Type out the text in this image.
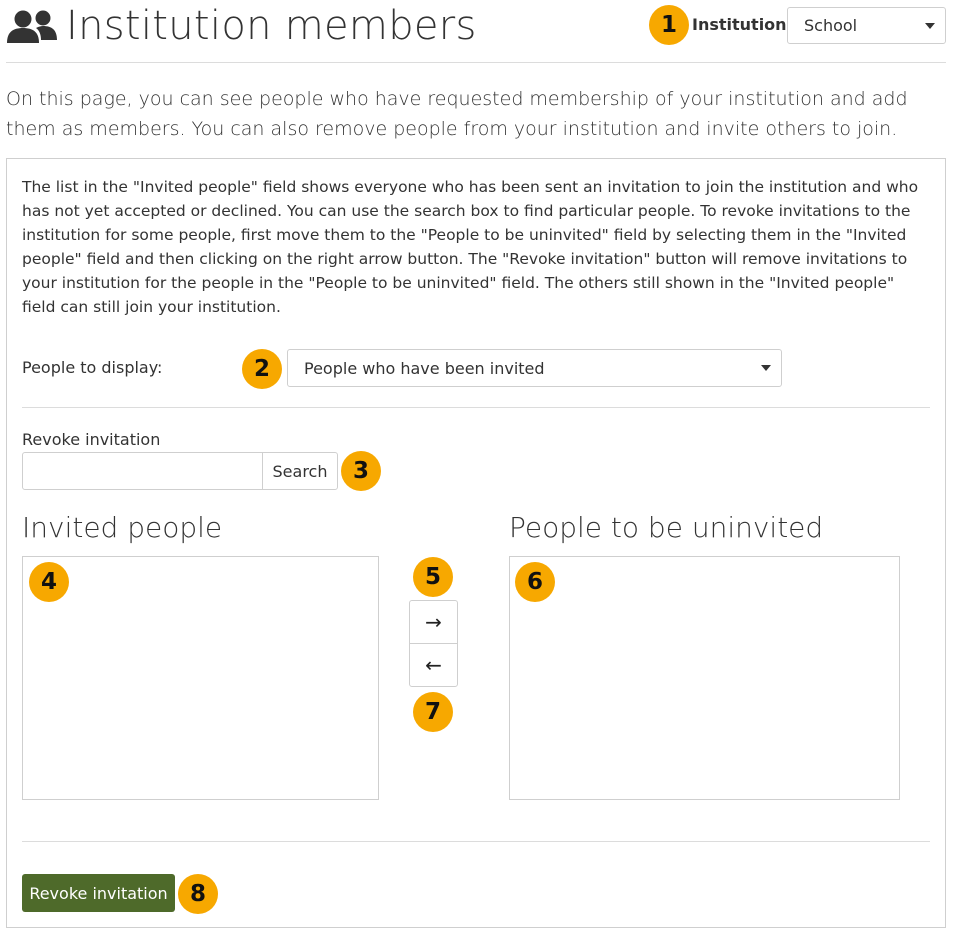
Institution members	1 Institution School
On this page, you can see people who have requested membership of your institution and add them as members. You can also remove people from your institution and invite others to join.
The list in the "Invited people" field shows everyone who has been sent an invitation to join the institution and who has not yet accepted or declined. You can use the search box to find particular people. To revoke invitations to the institution for some people, first move them to the "People to be uninvited" field by selecting them in the "Invited people" field and then clicking on the right arrow button. The "Revoke invitation" button will remove invitations to your institution for the people in the "People to be uninvited" field. The others still shown in the "Invited people" field can still join your institution.
People to display:	2	People who have been invited
Revoke invitation
Search	3
Invited people	People to be uninvited
4	5
→
←
7
6
Revoke invitation 8
